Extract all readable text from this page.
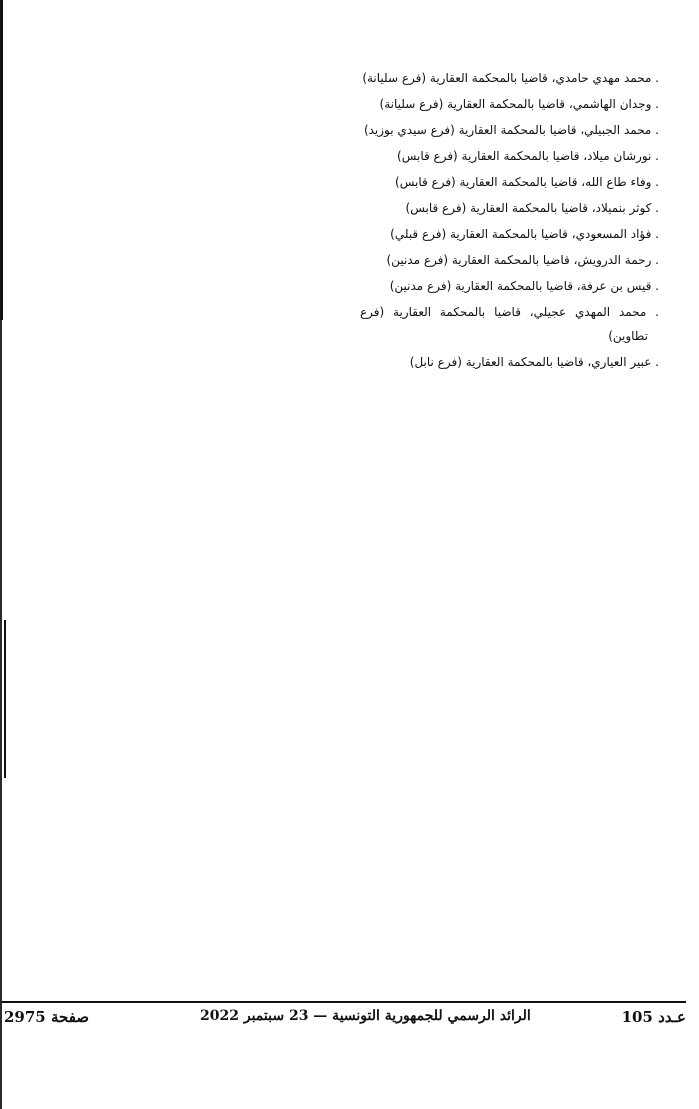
. محمد مهدي حامدي، قاضيا بالمحكمة العقارية (فرع سليانة)

. وجدان الهاشمي، قاضيا بالمحكمة العقارية (فرع سليانة)

. محمد الجبيلي، قاضيا بالمحكمة العقارية (فرع سيدي بوزيد)

. نورشان ميلاد، قاضيا بالمحكمة العقارية (فرع قابس)

. وفاء طاع الله، قاضيا بالمحكمة العقارية (فرع قابس)

. كوثر بنميلاد، قاضيا بالمحكمة العقارية (فرع قابس)

. فؤاد المسعودي، قاضيا بالمحكمة العقارية (فرع قبلي)

. رحمة الدرويش، قاضيا بالمحكمة العقارية (فرع مدنين)

. قيس بن عرفة، قاضيا بالمحكمة العقارية (فرع مدنين)

. محمد المهدي عجيلي، قاضيا بالمحكمة العقارية (فرع تطاوين)

. عبير العياري، قاضيا بالمحكمة العقارية (فرع نابل)

عـدد 105
الرائد الرسمي للجمهورية التونسية — 23 سبتمبر 2022
صفحة 2975
